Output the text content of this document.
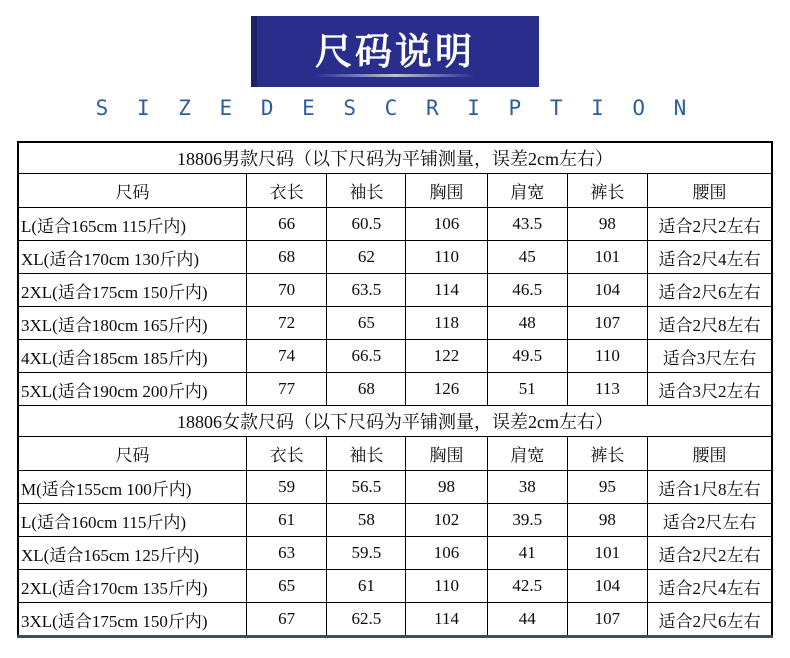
尺码说明
S I Z E D E S C R I P T I O N
18806男款尺码（以下尺码为平铺测量，误差2cm左右）						
尺码	衣长	袖长	胸围	肩宽	裤长	腰围
L(适合165cm 115斤内)	66	60.5	106	43.5	98	适合2尺2左右
XL(适合170cm 130斤内)	68	62	110	45	101	适合2尺4左右
2XL(适合175cm 150斤内)	70	63.5	114	46.5	104	适合2尺6左右
3XL(适合180cm 165斤内)	72	65	118	48	107	适合2尺8左右
4XL(适合185cm 185斤内)	74	66.5	122	49.5	110	适合3尺左右
5XL(适合190cm 200斤内)	77	68	126	51	113	适合3尺2左右
18806女款尺码（以下尺码为平铺测量，误差2cm左右）						
尺码	衣长	袖长	胸围	肩宽	裤长	腰围
M(适合155cm 100斤内)	59	56.5	98	38	95	适合1尺8左右
L(适合160cm 115斤内)	61	58	102	39.5	98	适合2尺左右
XL(适合165cm 125斤内)	63	59.5	106	41	101	适合2尺2左右
2XL(适合170cm 135斤内)	65	61	110	42.5	104	适合2尺4左右
3XL(适合175cm 150斤内)	67	62.5	114	44	107	适合2尺6左右
